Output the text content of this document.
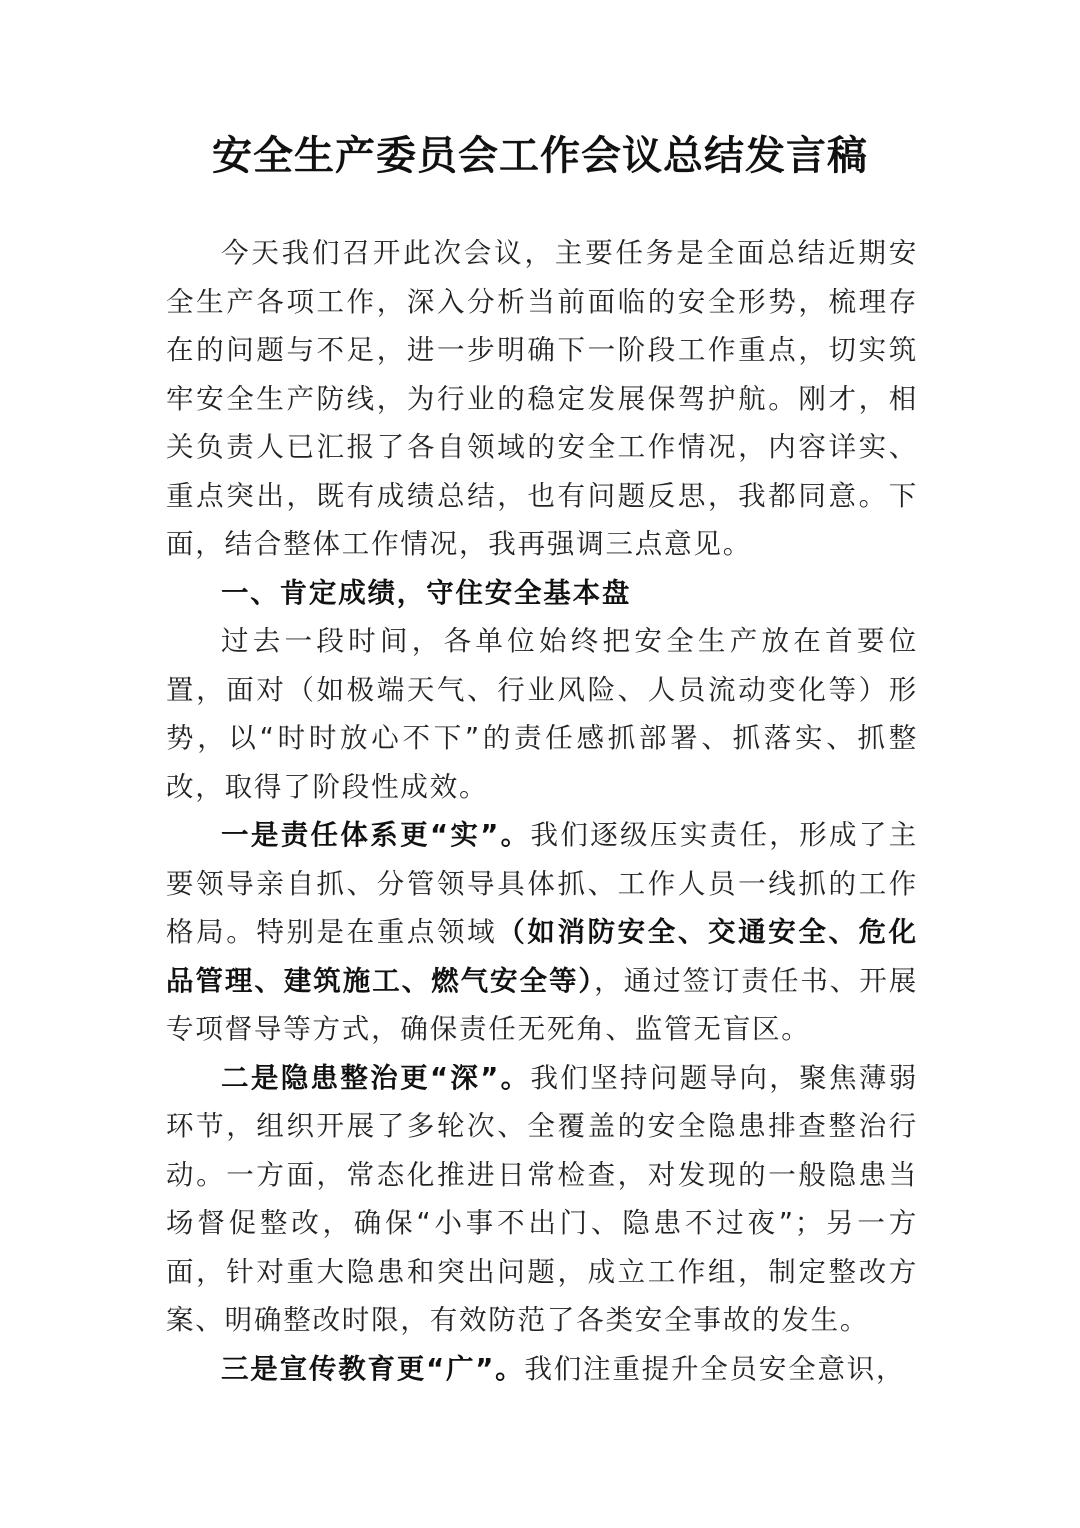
安全生产委员会工作会议总结发言稿

今天我们召开此次会议，主要任务是全面总结近期安全生产各项工作，深入分析当前面临的安全形势，梳理存在的问题与不足，进一步明确下一阶段工作重点，切实筑牢安全生产防线，为行业的稳定发展保驾护航。刚才，相关负责人已汇报了各自领域的安全工作情况，内容详实、重点突出，既有成绩总结，也有问题反思，我都同意。下面，结合整体工作情况，我再强调三点意见。

一、肯定成绩，守住安全基本盘

过去一段时间，各单位始终把安全生产放在首要位置，面对（如极端天气、行业风险、人员流动变化等）形势，以“时时放心不下”的责任感抓部署、抓落实、抓整改，取得了阶段性成效。

一是责任体系更“实”。我们逐级压实责任，形成了主要领导亲自抓、分管领导具体抓、工作人员一线抓的工作格局。特别是在重点领域（如消防安全、交通安全、危化品管理、建筑施工、燃气安全等），通过签订责任书、开展专项督导等方式，确保责任无死角、监管无盲区。

二是隐患整治更“深”。我们坚持问题导向，聚焦薄弱环节，组织开展了多轮次、全覆盖的安全隐患排查整治行动。一方面，常态化推进日常检查，对发现的一般隐患当场督促整改，确保“小事不出门、隐患不过夜”；另一方面，针对重大隐患和突出问题，成立工作组，制定整改方案、明确整改时限，有效防范了各类安全事故的发生。

三是宣传教育更“广”。我们注重提升全员安全意识，
